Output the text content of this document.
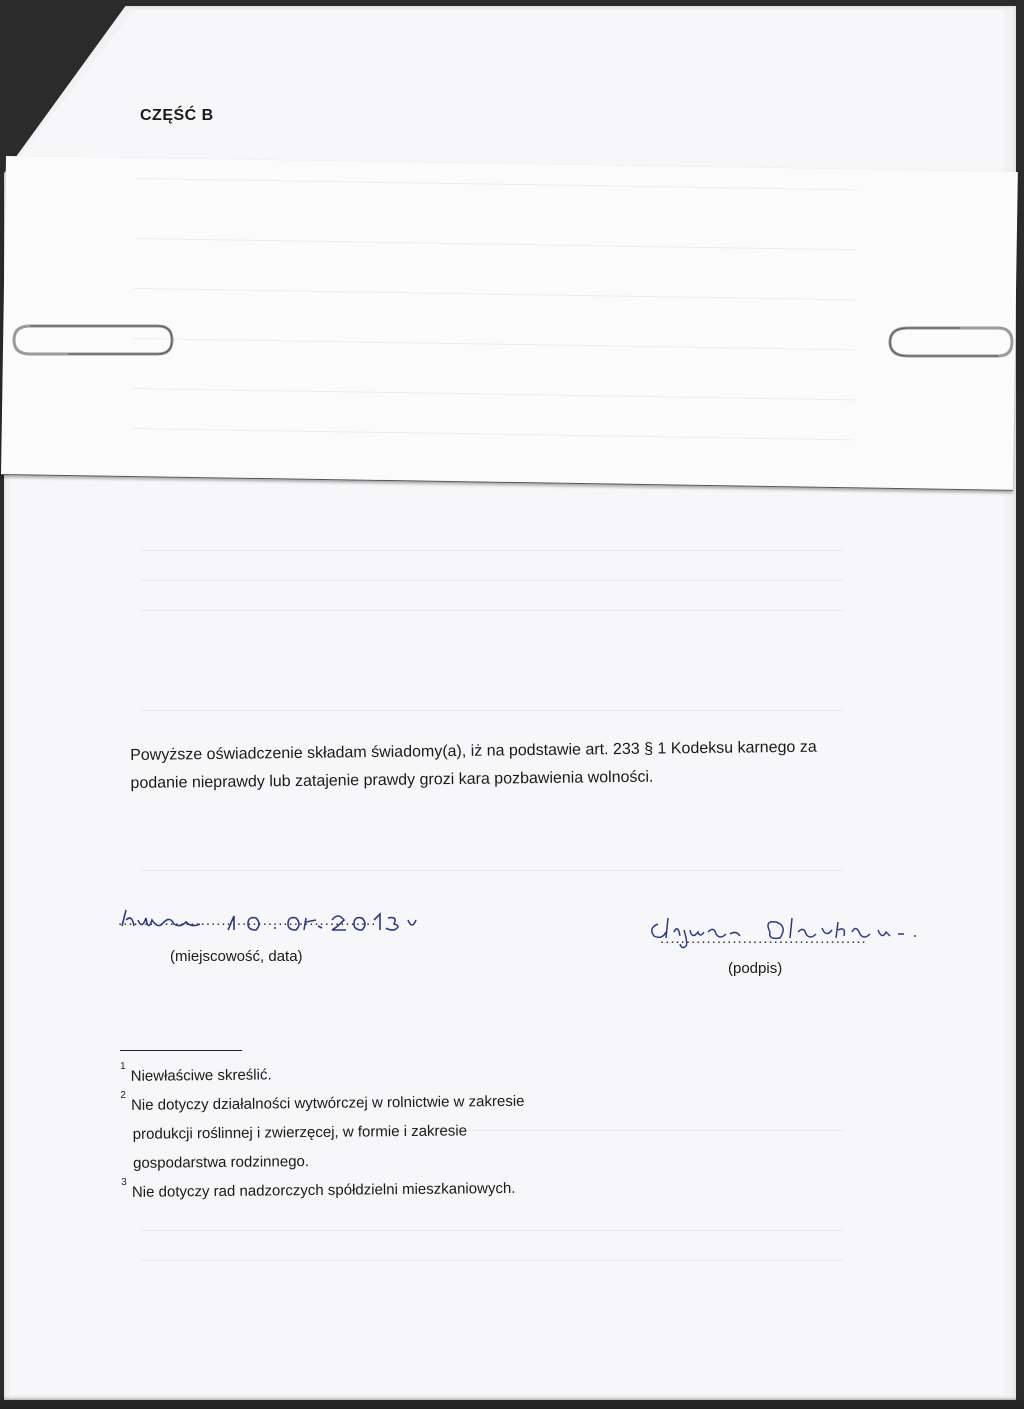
CZĘŚĆ B
Powyższe oświadczenie składam świadomy(a), iż na podstawie art. 233 § 1 Kodeksu karnego za
podanie nieprawdy lub zatajenie prawdy grozi kara pozbawienia wolności.
..................................................
(miejscowość, data)
........................................
(podpis)
1 Niewłaściwe skreślić.
2 Nie dotyczy działalności wytwórczej w rolnictwie w zakresie
produkcji roślinnej i zwierzęcej, w formie i zakresie
gospodarstwa rodzinnego.
3 Nie dotyczy rad nadzorczych spółdzielni mieszkaniowych.
